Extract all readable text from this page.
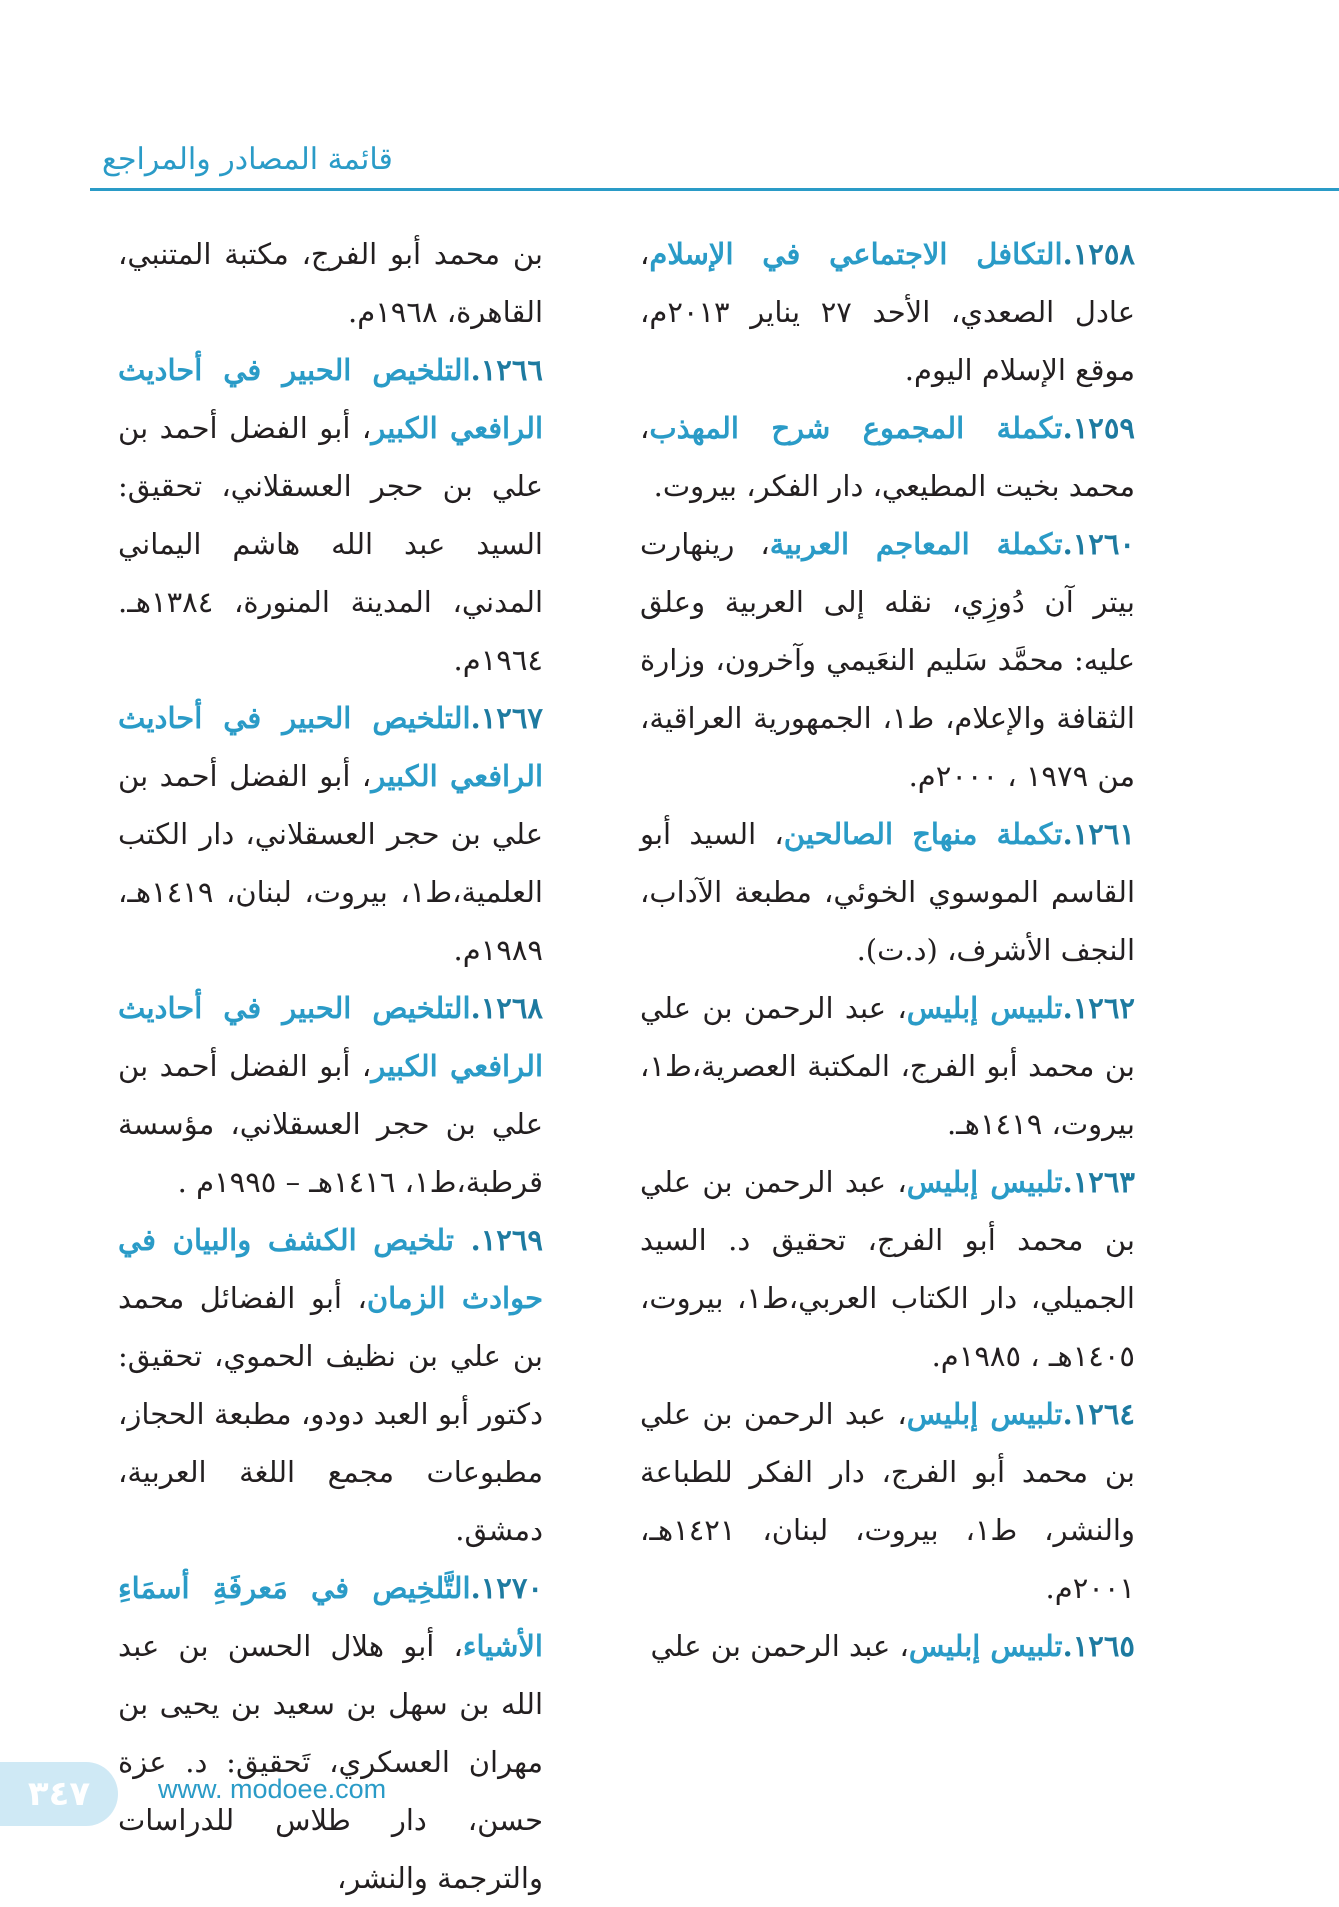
قائمة المصادر والمراجع

١٢٥٨.التكافل الاجتماعي في الإسلام، عادل الصعدي، الأحد ٢٧ يناير ٢٠١٣م، موقع الإسلام اليوم.

١٢٥٩.تكملة المجموع شرح المهذب، محمد بخيت المطيعي، دار الفكر، بيروت.

١٢٦٠.تكملة المعاجم العربية، رينهارت بيتر آن دُوزِي، نقله إلى العربية وعلق عليه: محمَّد سَليم النعَيمي وآخرون، وزارة الثقافة والإعلام، ط١، الجمهورية العراقية، من ١٩٧٩ ، ٢٠٠٠م.

١٢٦١.تكملة منهاج الصالحين، السيد أبو القاسم الموسوي الخوئي، مطبعة الآداب، النجف الأشرف، (د.ت).

١٢٦٢.تلبيس إبليس، عبد الرحمن بن علي بن محمد أبو الفرج، المكتبة العصرية،ط١، بيروت، ١٤١٩هـ.

١٢٦٣.تلبيس إبليس، عبد الرحمن بن علي بن محمد أبو الفرج، تحقيق د. السيد الجميلي، دار الكتاب العربي،ط١، بيروت، ١٤٠٥هـ ، ١٩٨٥م.

١٢٦٤.تلبيس إبليس، عبد الرحمن بن علي بن محمد أبو الفرج، دار الفكر للطباعة والنشر، ط١، بيروت، لبنان، ١٤٢١هـ، ٢٠٠١م.

١٢٦٥.تلبيس إبليس، عبد الرحمن بن علي

بن محمد أبو الفرج، مكتبة المتنبي، القاهرة، ١٩٦٨م.

١٢٦٦.التلخيص الحبير في أحاديث الرافعي الكبير، أبو الفضل أحمد بن علي بن حجر العسقلاني، تحقيق: السيد عبد الله هاشم اليماني المدني، المدينة المنورة، ١٣٨٤هـ. ١٩٦٤م.

١٢٦٧.التلخيص الحبير في أحاديث الرافعي الكبير، أبو الفضل أحمد بن علي بن حجر العسقلاني، دار الكتب العلمية،ط١، بيروت، لبنان، ١٤١٩هـ، ١٩٨٩م.

١٢٦٨.التلخيص الحبير في أحاديث الرافعي الكبير، أبو الفضل أحمد بن علي بن حجر العسقلاني، مؤسسة قرطبة،ط١، ١٤١٦هـ – ١٩٩٥م .

١٢٦٩. تلخيص الكشف والبيان في حوادث الزمان، أبو الفضائل محمد بن علي بن نظيف الحموي، تحقيق: دكتور أبو العبد دودو، مطبعة الحجاز، مطبوعات مجمع اللغة العربية، دمشق.

١٢٧٠.التَّلخِيص في مَعرفَةِ أسمَاءِ الأشياء، أبو هلال الحسن بن عبد الله بن سهل بن سعيد بن يحيى بن مهران العسكري، تَحقيق: د. عزة حسن، دار طلاس للدراسات والترجمة والنشر،

٣٤٧	www. modoee.com
